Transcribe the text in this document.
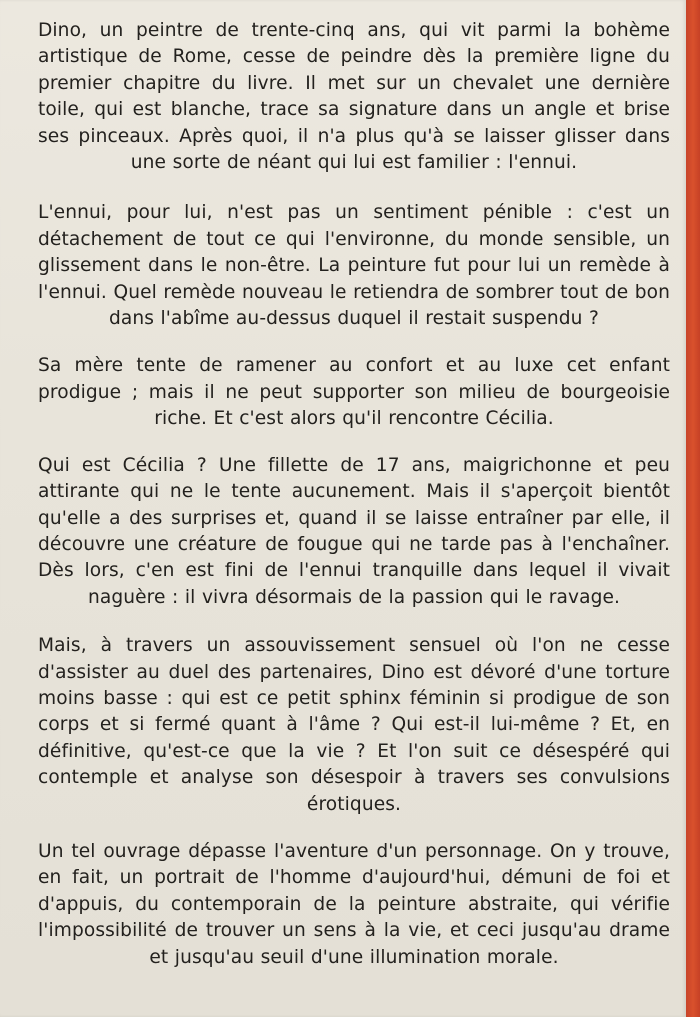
Dino, un peintre de trente-cinq ans, qui vit parmi la bohème artistique de Rome, cesse de peindre dès la première ligne du premier chapitre du livre. Il met sur un chevalet une dernière toile, qui est blanche, trace sa signature dans un angle et brise ses pinceaux. Après quoi, il n'a plus qu'à se laisser glisser dans une sorte de néant qui lui est familier : l'ennui.

L'ennui, pour lui, n'est pas un sentiment pénible : c'est un détachement de tout ce qui l'environne, du monde sensible, un glissement dans le non-être. La peinture fut pour lui un remède à l'ennui. Quel remède nouveau le retiendra de sombrer tout de bon dans l'abîme au-dessus duquel il restait suspendu ?

Sa mère tente de ramener au confort et au luxe cet enfant prodigue ; mais il ne peut supporter son milieu de bourgeoisie riche. Et c'est alors qu'il rencontre Cécilia.

Qui est Cécilia ? Une fillette de 17 ans, maigrichonne et peu attirante qui ne le tente aucunement. Mais il s'aperçoit bientôt qu'elle a des surprises et, quand il se laisse entraîner par elle, il découvre une créature de fougue qui ne tarde pas à l'enchaîner. Dès lors, c'en est fini de l'ennui tranquille dans lequel il vivait naguère : il vivra désormais de la passion qui le ravage.

Mais, à travers un assouvissement sensuel où l'on ne cesse d'assister au duel des partenaires, Dino est dévoré d'une torture moins basse : qui est ce petit sphinx féminin si prodigue de son corps et si fermé quant à l'âme ? Qui est-il lui-même ? Et, en définitive, qu'est-ce que la vie ? Et l'on suit ce désespéré qui contemple et analyse son désespoir à travers ses convulsions érotiques.

Un tel ouvrage dépasse l'aventure d'un personnage. On y trouve, en fait, un portrait de l'homme d'aujourd'hui, démuni de foi et d'appuis, du contemporain de la peinture abstraite, qui vérifie l'impossibilité de trouver un sens à la vie, et ceci jusqu'au drame et jusqu'au seuil d'une illumination morale.
